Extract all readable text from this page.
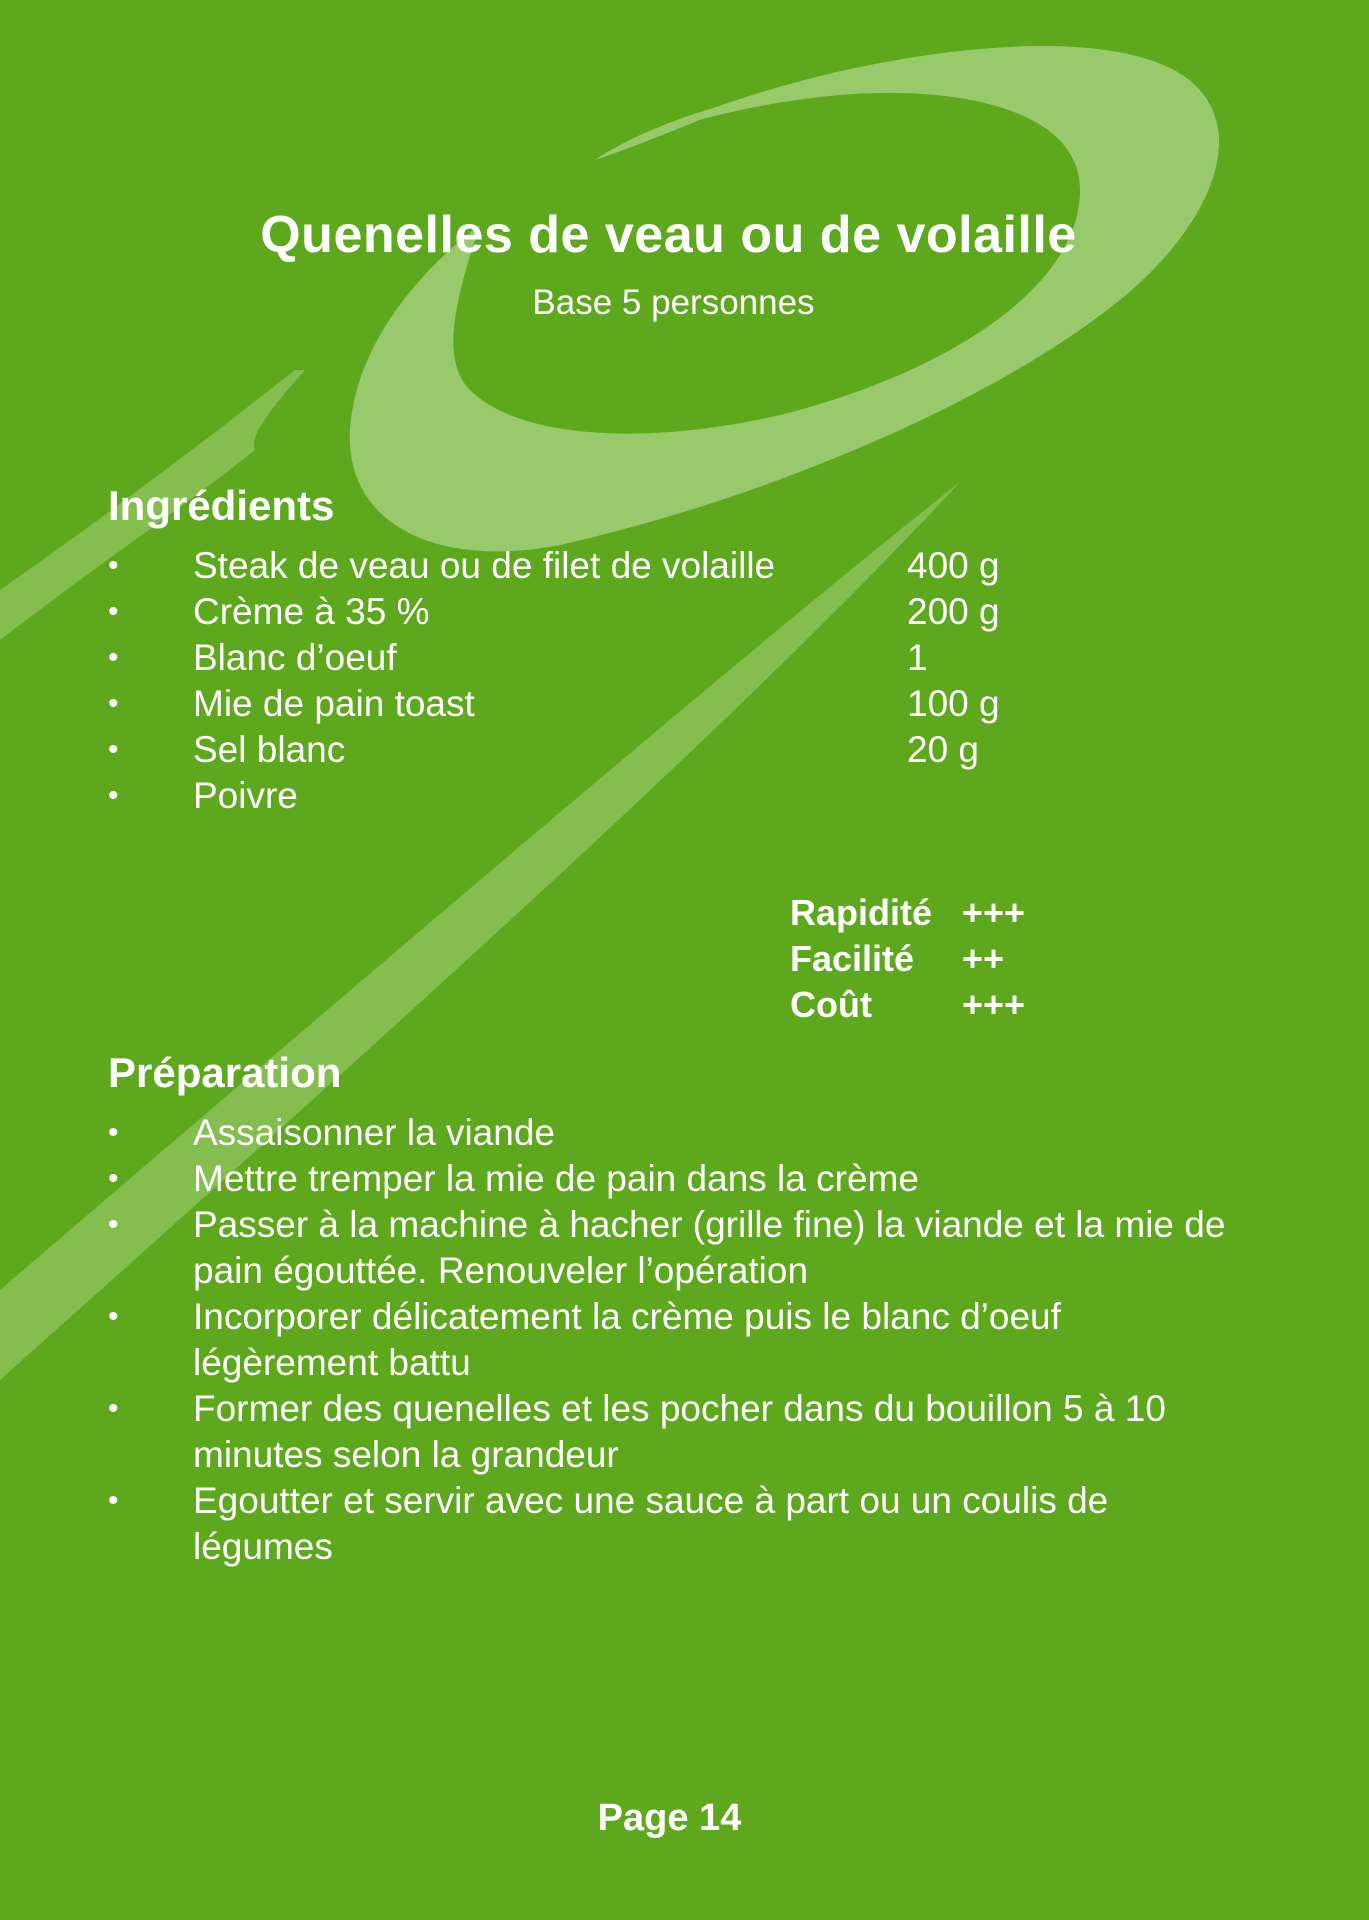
Quenelles de veau ou de volaille
Base 5 personnes
Ingrédients
•	Steak de veau ou de filet de volaille	400 g
•	Crème à 35 %	200 g
•	Blanc d’oeuf	1
•	Mie de pain toast	100 g
•	Sel blanc	20 g
•	Poivre
Rapidité +++
Facilité ++
Coût	+++
Préparation
•	Assaisonner la viande
•	Mettre tremper la mie de pain dans la crème
•	Passer à la machine à hacher (grille fine) la viande et la mie de pain égouttée. Renouveler l’opération
•	Incorporer délicatement la crème puis le blanc d’oeuf légèrement battu
•	Former des quenelles et les pocher dans du bouillon 5 à 10 minutes selon la grandeur
•	Egoutter et servir avec une sauce à part ou un coulis de légumes
Page 14
